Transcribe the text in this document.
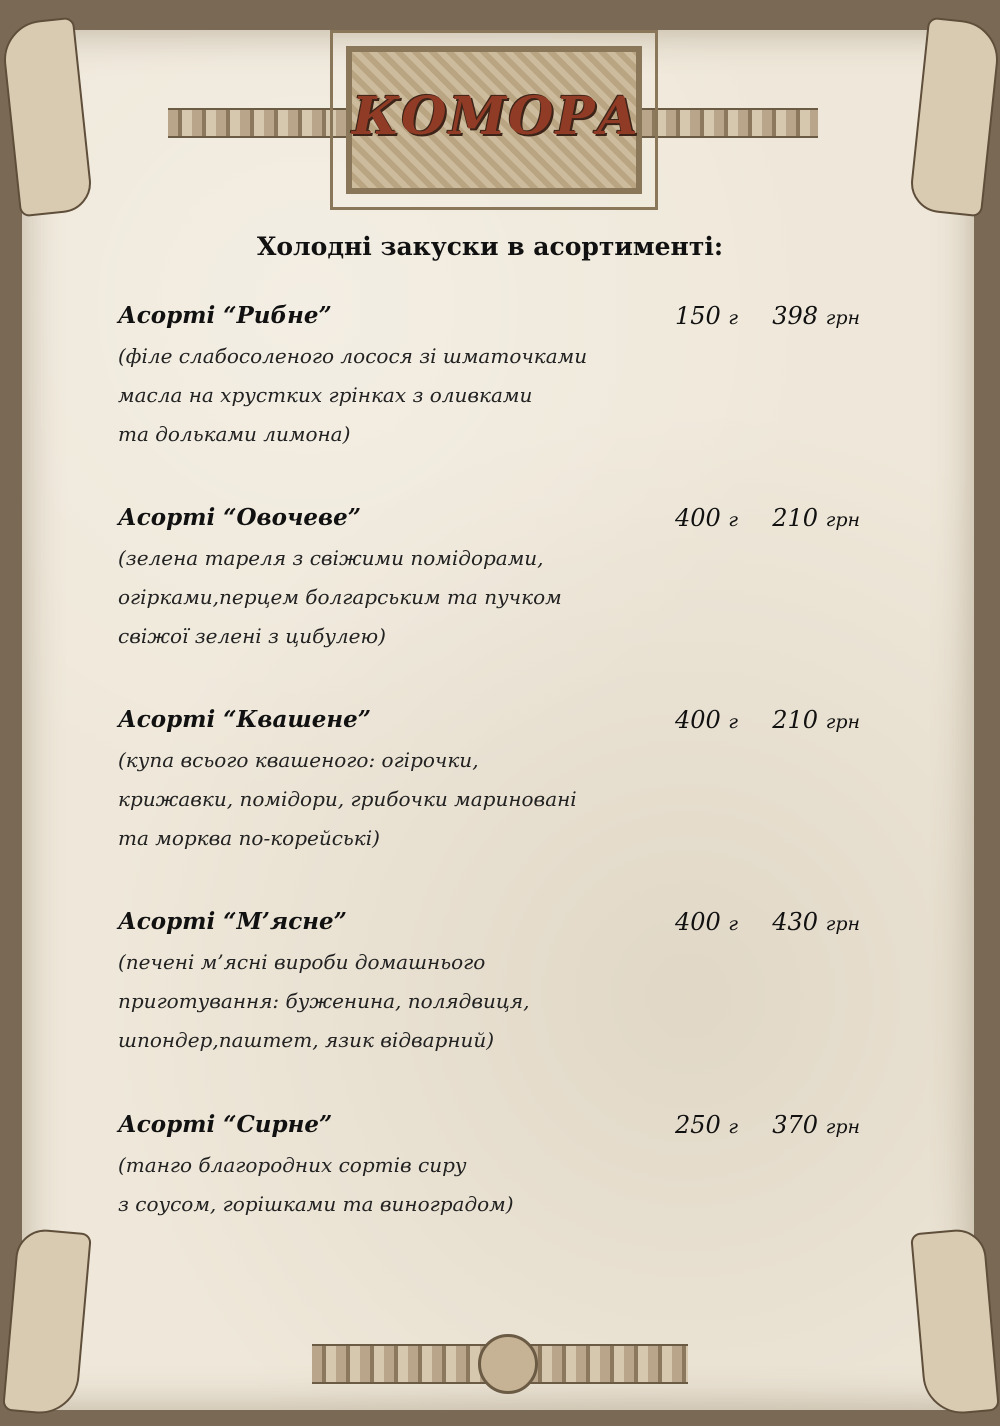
КОМОРА
Холодні закуски в асортименті:
Асорті “Рибне”	150 г	398 грн
(філе слабосоленого лосося зі шматочками
масла на хрустких грінках з оливками
та дольками лимона)
Асорті “Овочеве”	400 г	210 грн
(зелена тареля з свіжими помідорами,
огірками,перцем болгарським та пучком
свіжої зелені з цибулею)
Асорті “Квашене”	400 г	210 грн
(купа всього квашеного: огірочки,
крижавки, помідори, грибочки мариновані
та морква по-корейські)
Асорті “М’ясне”	400 г	430 грн
(печені м’ясні вироби домашнього
приготування: буженина, полядвиця,
шпондер,паштет, язик відварний)
Асорті “Сирне”	250 г	370 грн
(танго благородних сортів сиру
з соусом, горішками та виноградом)
